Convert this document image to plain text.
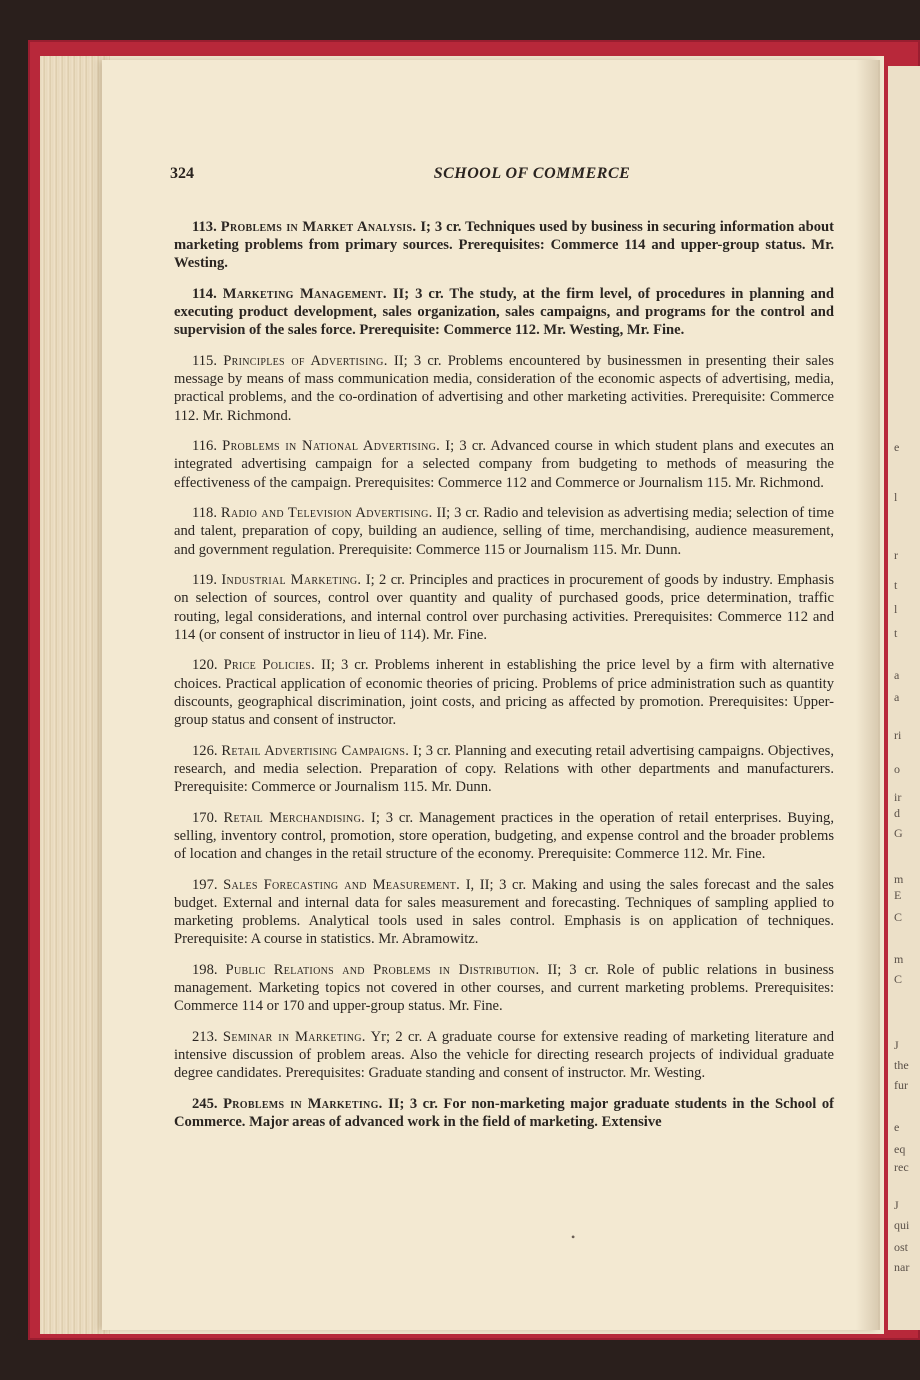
e
l
r
t
l
t
a
a
ri
o
ir
d
G
m
E
C
m
C
J
the
fur
e
eq
rec
J
qui
ost
nar
324	SCHOOL OF COMMERCE

113. Problems in Market Analysis. I; 3 cr. Techniques used by business in securing information about marketing problems from primary sources. Prerequisites: Commerce 114 and upper-group status. Mr. Westing.

114. Marketing Management. II; 3 cr. The study, at the firm level, of procedures in planning and executing product development, sales organization, sales campaigns, and programs for the control and supervision of the sales force. Prerequisite: Commerce 112. Mr. Westing, Mr. Fine.

115. Principles of Advertising. II; 3 cr. Problems encountered by businessmen in presenting their sales message by means of mass communication media, consideration of the economic aspects of advertising, media, practical problems, and the co-ordination of advertising and other marketing activities. Prerequisite: Commerce 112. Mr. Richmond.

116. Problems in National Advertising. I; 3 cr. Advanced course in which student plans and executes an integrated advertising campaign for a selected company from budgeting to methods of measuring the effectiveness of the campaign. Prerequisites: Commerce 112 and Commerce or Journalism 115. Mr. Richmond.

118. Radio and Television Advertising. II; 3 cr. Radio and television as advertising media; selection of time and talent, preparation of copy, building an audience, selling of time, merchandising, audience measurement, and government regulation. Prerequisite: Commerce 115 or Journalism 115. Mr. Dunn.

119. Industrial Marketing. I; 2 cr. Principles and practices in procurement of goods by industry. Emphasis on selection of sources, control over quantity and quality of purchased goods, price determination, traffic routing, legal considerations, and internal control over purchasing activities. Prerequisites: Commerce 112 and 114 (or consent of instructor in lieu of 114). Mr. Fine.

120. Price Policies. II; 3 cr. Problems inherent in establishing the price level by a firm with alternative choices. Practical application of economic theories of pricing. Problems of price administration such as quantity discounts, geographical discrimination, joint costs, and pricing as affected by promotion. Prerequisites: Upper-group status and consent of instructor.

126. Retail Advertising Campaigns. I; 3 cr. Planning and executing retail advertising campaigns. Objectives, research, and media selection. Preparation of copy. Relations with other departments and manufacturers. Prerequisite: Commerce or Journalism 115. Mr. Dunn.

170. Retail Merchandising. I; 3 cr. Management practices in the operation of retail enterprises. Buying, selling, inventory control, promotion, store operation, budgeting, and expense control and the broader problems of location and changes in the retail structure of the economy. Prerequisite: Commerce 112. Mr. Fine.

197. Sales Forecasting and Measurement. I, II; 3 cr. Making and using the sales forecast and the sales budget. External and internal data for sales measurement and forecasting. Techniques of sampling applied to marketing problems. Analytical tools used in sales control. Emphasis is on application of techniques. Prerequisite: A course in statistics. Mr. Abramowitz.

198. Public Relations and Problems in Distribution. II; 3 cr. Role of public relations in business management. Marketing topics not covered in other courses, and current marketing problems. Prerequisites: Commerce 114 or 170 and upper-group status. Mr. Fine.

213. Seminar in Marketing. Yr; 2 cr. A graduate course for extensive reading of marketing literature and intensive discussion of problem areas. Also the vehicle for directing research projects of individual graduate degree candidates. Prerequisites: Graduate standing and consent of instructor. Mr. Westing.

245. Problems in Marketing. II; 3 cr. For non-marketing major graduate students in the School of Commerce. Major areas of advanced work in the field of marketing. Extensive

•
